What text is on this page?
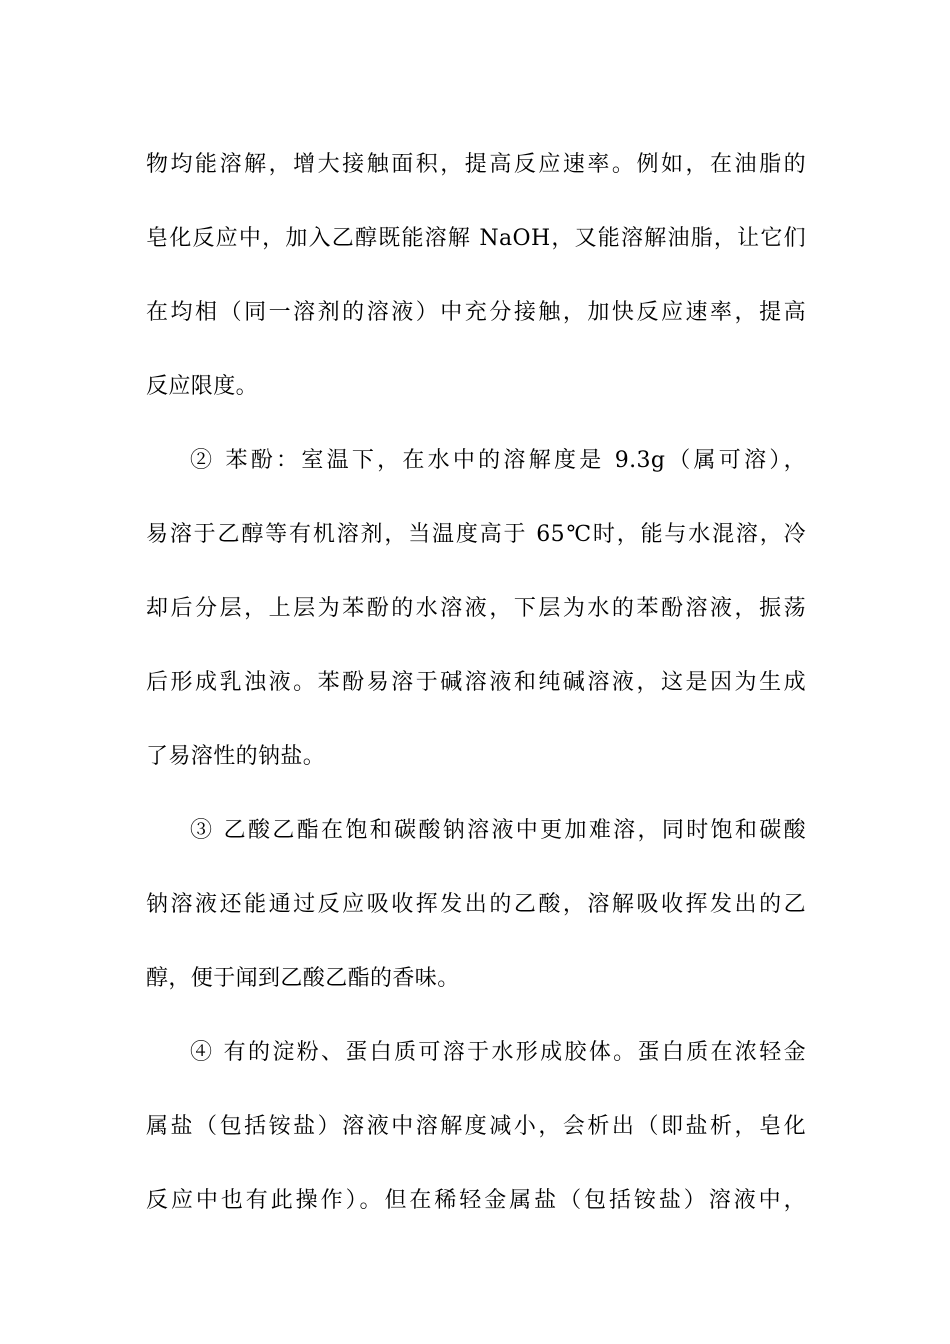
物均能溶解，增大接触面积，提高反应速率。例如，在油脂的
皂化反应中，加入乙醇既能溶解 NaOH，又能溶解油脂，让它们
在均相（同一溶剂的溶液）中充分接触，加快反应速率，提高
反应限度。
② 苯酚：室温下，在水中的溶解度是 9.3g（属可溶），
易溶于乙醇等有机溶剂，当温度高于 65℃时，能与水混溶，冷
却后分层，上层为苯酚的水溶液，下层为水的苯酚溶液，振荡
后形成乳浊液。苯酚易溶于碱溶液和纯碱溶液，这是因为生成
了易溶性的钠盐。
③ 乙酸乙酯在饱和碳酸钠溶液中更加难溶，同时饱和碳酸
钠溶液还能通过反应吸收挥发出的乙酸，溶解吸收挥发出的乙
醇，便于闻到乙酸乙酯的香味。
④ 有的淀粉、蛋白质可溶于水形成胶体。蛋白质在浓轻金
属盐（包括铵盐）溶液中溶解度减小，会析出（即盐析，皂化
反应中也有此操作）。但在稀轻金属盐（包括铵盐）溶液中，
